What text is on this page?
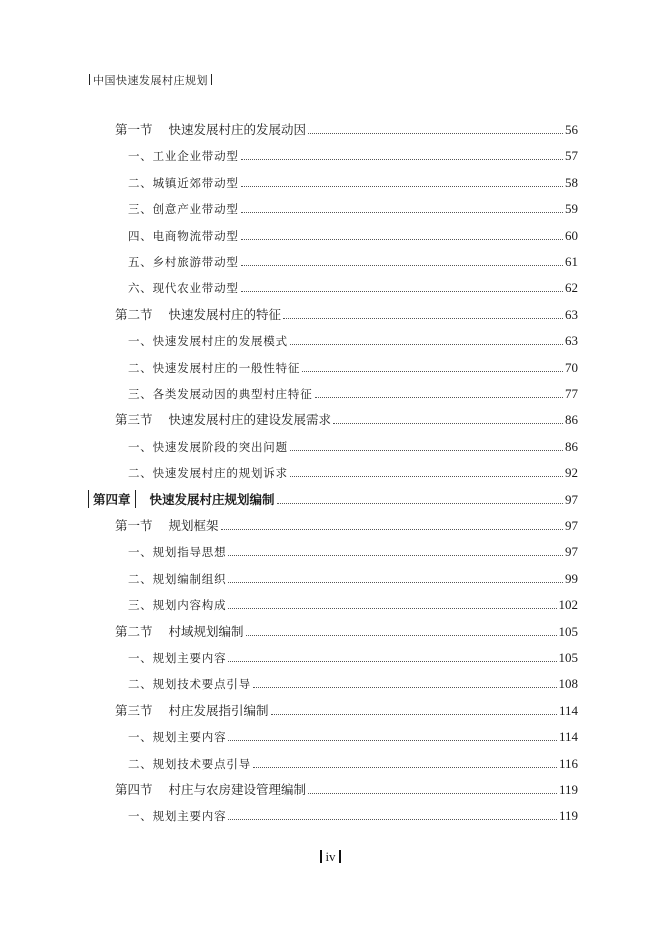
中国快速发展村庄规划
第一节 快速发展村庄的发展动因	56
一、工业企业带动型	57
二、城镇近郊带动型	58
三、创意产业带动型	59
四、电商物流带动型	60
五、乡村旅游带动型	61
六、现代农业带动型	62
第二节 快速发展村庄的特征	63
一、快速发展村庄的发展模式	63
二、快速发展村庄的一般性特征	70
三、各类发展动因的典型村庄特征	77
第三节 快速发展村庄的建设发展需求	86
一、快速发展阶段的突出问题	86
二、快速发展村庄的规划诉求	92
第四章 快速发展村庄规划编制	97
第一节 规划框架	97
一、规划指导思想	97
二、规划编制组织	99
三、规划内容构成	102
第二节 村域规划编制	105
一、规划主要内容	105
二、规划技术要点引导	108
第三节 村庄发展指引编制	114
一、规划主要内容	114
二、规划技术要点引导	116
第四节 村庄与农房建设管理编制	119
一、规划主要内容	119
iv
